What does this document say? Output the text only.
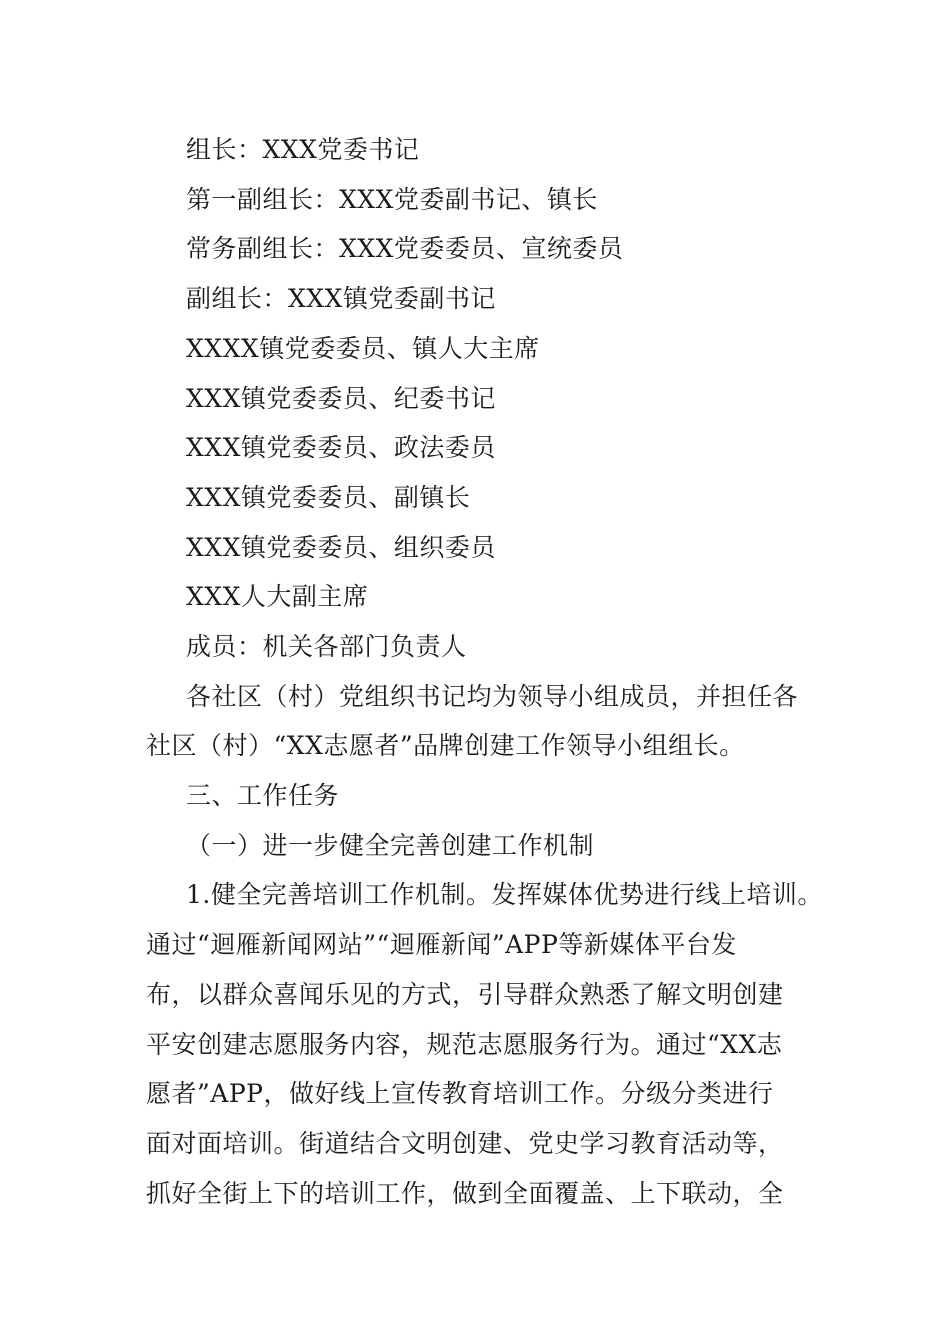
组长：XXX党委书记
第一副组长：XXX党委副书记、镇长
常务副组长：XXX党委委员、宣统委员
副组长：XXX镇党委副书记
XXXX镇党委委员、镇人大主席
XXX镇党委委员、纪委书记
XXX镇党委委员、政法委员
XXX镇党委委员、副镇长
XXX镇党委委员、组织委员
XXX人大副主席
成员：机关各部门负责人
各社区（村）党组织书记均为领导小组成员，并担任各
社区（村）“XX志愿者”品牌创建工作领导小组组长。
三、工作任务
（一）进一步健全完善创建工作机制
1.健全完善培训工作机制。发挥媒体优势进行线上培训。
通过“迴雁新闻网站”“迴雁新闻”APP等新媒体平台发
布，以群众喜闻乐见的方式，引导群众熟悉了解文明创建
平安创建志愿服务内容，规范志愿服务行为。通过“XX志
愿者”APP，做好线上宣传教育培训工作。分级分类进行
面对面培训。街道结合文明创建、党史学习教育活动等，
抓好全街上下的培训工作，做到全面覆盖、上下联动，全
